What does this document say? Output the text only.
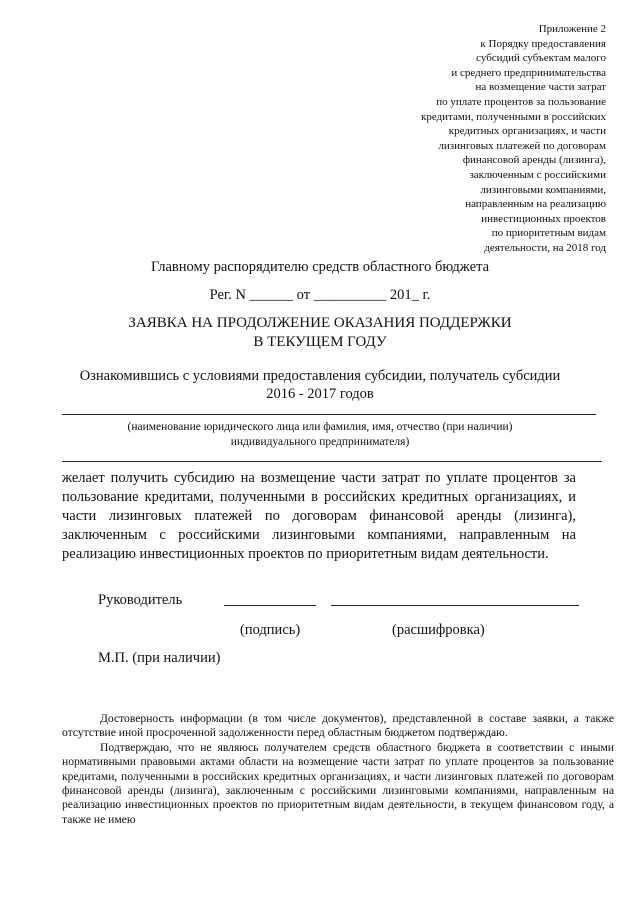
Приложение 2
к Порядку предоставления
субсидий субъектам малого
и среднего предпринимательства
на возмещение части затрат
по уплате процентов за пользование
кредитами, полученными в российских
кредитных организациях, и части
лизинговых платежей по договорам
финансовой аренды (лизинга),
заключенным с российскими
лизинговыми компаниями,
направленным на реализацию
инвестиционных проектов
по приоритетным видам
деятельности, на 2018 год
Главному распорядителю средств областного бюджета
Рег. N ______ от __________ 201_ г.
ЗАЯВКА НА ПРОДОЛЖЕНИЕ ОКАЗАНИЯ ПОДДЕРЖКИ
В ТЕКУЩЕМ ГОДУ
Ознакомившись с условиями предоставления субсидии, получатель субсидии
2016 - 2017 годов
(наименование юридического лица или фамилия, имя, отчество (при наличии)
индивидуального предпринимателя)

желает получить субсидию на возмещение части затрат по уплате процентов за пользование кредитами, полученными в российских кредитных организациях, и части лизинговых платежей по договорам финансовой аренды (лизинга), заключенным с российскими лизинговыми компаниями, направленным на реализацию инвестиционных проектов по приоритетным видам деятельности.

Руководитель
(подпись)	(расшифровка)
М.П. (при наличии)

Достоверность информации (в том числе документов), представленной в составе заявки, а также отсутствие иной просроченной задолженности перед областным бюджетом подтверждаю.

Подтверждаю, что не являюсь получателем средств областного бюджета в соответствии с иными нормативными правовыми актами области на возмещение части затрат по уплате процентов за пользование кредитами, полученными в российских кредитных организациях, и части лизинговых платежей по договорам финансовой аренды (лизинга), заключенным с российскими лизинговыми компаниями, направленным на реализацию инвестиционных проектов по приоритетным видам деятельности, в текущем финансовом году, а также не имею
